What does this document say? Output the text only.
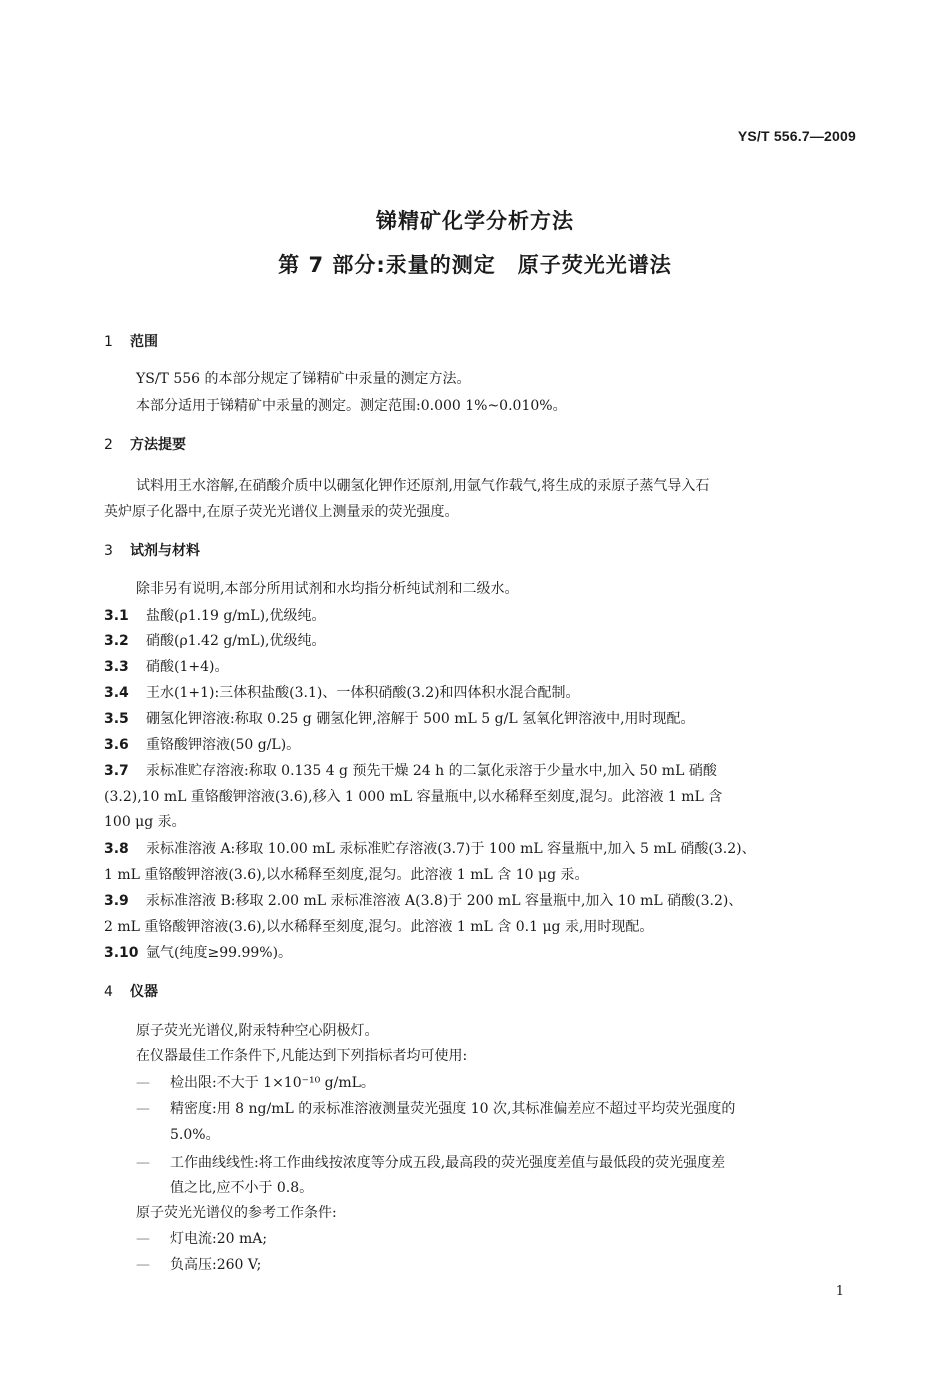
YS/T 556.7—2009
锑精矿化学分析方法
第 7 部分:汞量的测定　原子荧光光谱法
1 范围
YS/T 556 的本部分规定了锑精矿中汞量的测定方法。
本部分适用于锑精矿中汞量的测定。测定范围:0.000 1%~0.010%。
2 方法提要
试料用王水溶解,在硝酸介质中以硼氢化钾作还原剂,用氩气作载气,将生成的汞原子蒸气导入石
英炉原子化器中,在原子荧光光谱仪上测量汞的荧光强度。
3 试剂与材料
除非另有说明,本部分所用试剂和水均指分析纯试剂和二级水。
3.1 盐酸(ρ1.19 g/mL),优级纯。
3.2 硝酸(ρ1.42 g/mL),优级纯。
3.3 硝酸(1+4)。
3.4 王水(1+1):三体积盐酸(3.1)、一体积硝酸(3.2)和四体积水混合配制。
3.5 硼氢化钾溶液:称取 0.25 g 硼氢化钾,溶解于 500 mL 5 g/L 氢氧化钾溶液中,用时现配。
3.6 重铬酸钾溶液(50 g/L)。
3.7 汞标准贮存溶液:称取 0.135 4 g 预先干燥 24 h 的二氯化汞溶于少量水中,加入 50 mL 硝酸
(3.2),10 mL 重铬酸钾溶液(3.6),移入 1 000 mL 容量瓶中,以水稀释至刻度,混匀。此溶液 1 mL 含
100 μg 汞。
3.8 汞标准溶液 A:移取 10.00 mL 汞标准贮存溶液(3.7)于 100 mL 容量瓶中,加入 5 mL 硝酸(3.2)、
1 mL 重铬酸钾溶液(3.6),以水稀释至刻度,混匀。此溶液 1 mL 含 10 μg 汞。
3.9 汞标准溶液 B:移取 2.00 mL 汞标准溶液 A(3.8)于 200 mL 容量瓶中,加入 10 mL 硝酸(3.2)、
2 mL 重铬酸钾溶液(3.6),以水稀释至刻度,混匀。此溶液 1 mL 含 0.1 μg 汞,用时现配。
3.10 氩气(纯度≥99.99%)。
4 仪器
原子荧光光谱仪,附汞特种空心阴极灯。
在仪器最佳工作条件下,凡能达到下列指标者均可使用:
— 检出限:不大于 1×10⁻¹⁰ g/mL。
— 精密度:用 8 ng/mL 的汞标准溶液测量荧光强度 10 次,其标准偏差应不超过平均荧光强度的
5.0%。
— 工作曲线线性:将工作曲线按浓度等分成五段,最高段的荧光强度差值与最低段的荧光强度差
值之比,应不小于 0.8。
原子荧光光谱仪的参考工作条件:
— 灯电流:20 mA;
— 负高压:260 V;
1
